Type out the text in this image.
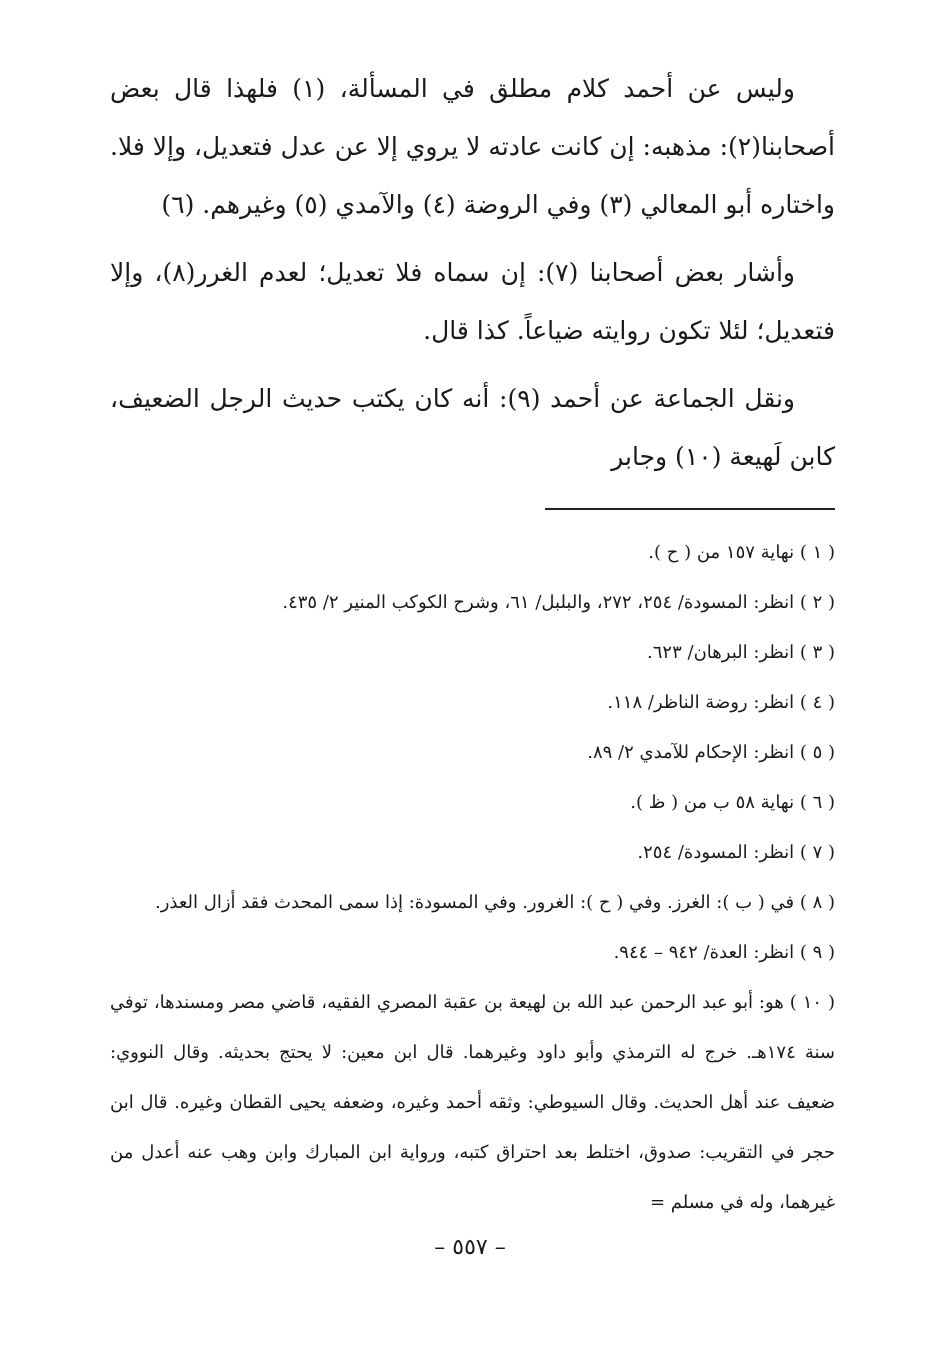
وليس عن أحمد كلام مطلق في المسألة، (١) فلهذا قال بعض أصحابنا(٢): مذهبه: إن كانت عادته لا يروي إلا عن عدل فتعديل، وإلا فلا. واختاره أبو المعالي (٣) وفي الروضة (٤) والآمدي (٥) وغيرهم. (٦)

وأشار بعض أصحابنا (٧): إن سماه فلا تعديل؛ لعدم الغرر(٨)، وإلا فتعديل؛ لئلا تكون روايته ضياعاً. كذا قال.

ونقل الجماعة عن أحمد (٩): أنه كان يكتب حديث الرجل الضعيف، كابن لَهيعة (١٠) وجابر

( ١ ) نهاية ١٥٧ من ( ح ).

( ٢ ) انظر: المسودة/ ٢٥٤، ٢٧٢، والبلبل/ ٦١، وشرح الكوكب المنير ٢/ ٤٣٥.

( ٣ ) انظر: البرهان/ ٦٢٣.

( ٤ ) انظر: روضة الناظر/ ١١٨.

( ٥ ) انظر: الإحكام للآمدي ٢/ ٨٩.

( ٦ ) نهاية ٥٨ ب من ( ظ ).

( ٧ ) انظر: المسودة/ ٢٥٤.

( ٨ ) في ( ب ): الغرز. وفي ( ح ): الغرور. وفي المسودة: إذا سمى المحدث فقد أزال العذر.

( ٩ ) انظر: العدة/ ٩٤٢ – ٩٤٤.

( ١٠ ) هو: أبو عبد الرحمن عبد الله بن لهيعة بن عقبة المصري الفقيه، قاضي مصر ومسندها، توفي سنة ١٧٤هـ. خرج له الترمذي وأبو داود وغيرهما. قال ابن معين: لا يحتج بحديثه. وقال النووي: ضعيف عند أهل الحديث. وقال السيوطي: وثقه أحمد وغيره، وضعفه يحيى القطان وغيره. قال ابن حجر في التقريب: صدوق، اختلط بعد احتراق كتبه، ورواية ابن المبارك وابن وهب عنه أعدل من غيرهما، وله في مسلم =

– ٥٥٧ –
